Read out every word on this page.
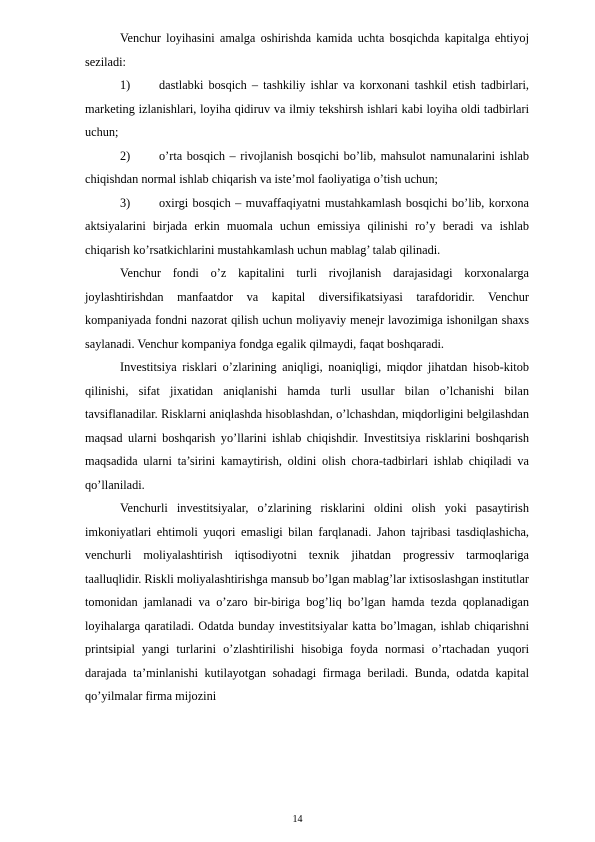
Venchur loyihasini amalga oshirishda kamida uchta bosqichda kapitalga ehtiyoj seziladi:

1) dastlabki bosqich – tashkiliy ishlar va korxonani tashkil etish tadbirlari, marketing izlanishlari, loyiha qidiruv va ilmiy tekshirsh ishlari kabi loyiha oldi tadbirlari uchun;

2) o’rta bosqich – rivojlanish bosqichi bo’lib, mahsulot namunalarini ishlab chiqishdan normal ishlab chiqarish va iste’mol faoliyatiga o’tish uchun;

3) oxirgi bosqich – muvaffaqiyatni mustahkamlash bosqichi bo’lib, korxona aktsiyalarini birjada erkin muomala uchun emissiya qilinishi ro’y beradi va ishlab chiqarish ko’rsatkichlarini mustahkamlash uchun mablag’ talab qilinadi.

Venchur fondi o’z kapitalini turli rivojlanish darajasidagi korxonalarga joylashtirishdan manfaatdor va kapital diversifikatsiyasi tarafdoridir. Venchur kompaniyada fondni nazorat qilish uchun moliyaviy menejr lavozimiga ishonilgan shaxs saylanadi. Venchur kompaniya fondga egalik qilmaydi, faqat boshqaradi.

Investitsiya risklari o’zlarining aniqligi, noaniqligi, miqdor jihatdan hisob-kitob qilinishi, sifat jixatidan aniqlanishi hamda turli usullar bilan o’lchanishi bilan tavsiflanadilar. Risklarni aniqlashda hisoblashdan, o’lchashdan, miqdorligini belgilashdan maqsad ularni boshqarish yo’llarini ishlab chiqishdir. Investitsiya risklarini boshqarish maqsadida ularni ta’sirini kamaytirish, oldini olish chora-tadbirlari ishlab chiqiladi va qo’llaniladi.

Venchurli investitsiyalar, o’zlarining risklarini oldini olish yoki pasaytirish imkoniyatlari ehtimoli yuqori emasligi bilan farqlanadi. Jahon tajribasi tasdiqlashicha, venchurli moliyalashtirish iqtisodiyotni texnik jihatdan progressiv tarmoqlariga taalluqlidir. Riskli moliyalashtirishga mansub bo’lgan mablag’lar ixtisoslashgan institutlar tomonidan jamlanadi va o’zaro bir-biriga bog’liq bo’lgan hamda tezda qoplanadigan loyihalarga qaratiladi. Odatda bunday investitsiyalar katta bo’lmagan, ishlab chiqarishni printsipial yangi turlarini o’zlashtirilishi hisobiga foyda normasi o’rtachadan yuqori darajada ta’minlanishi kutilayotgan sohadagi firmaga beriladi. Bunda, odatda kapital qo’yilmalar firma mijozini

14
